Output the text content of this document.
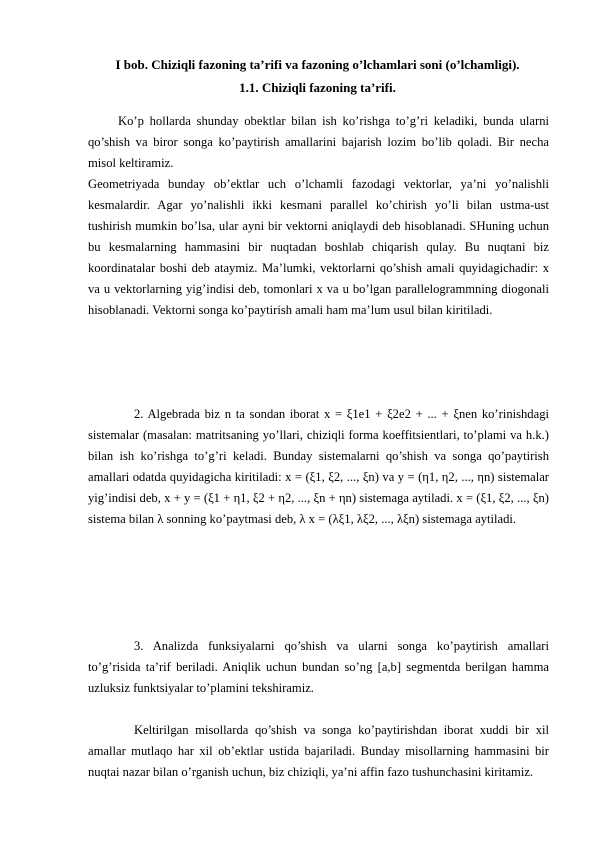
I bob. Chiziqli fazoning ta’rifi va fazoning o’lchamlari soni (o’lchamligi).
1.1. Chiziqli fazoning ta’rifi.
Ko’p hollarda shunday obektlar bilan ish ko’rishga to’g’ri keladiki, bunda ularni qo’shish va biror songa ko’paytirish amallarini bajarish lozim bo’lib qoladi. Bir necha misol keltiramiz.
Geometriyada bunday ob’ektlar uch o’lchamli fazodagi vektorlar, ya’ni yo’nalishli kesmalardir. Agar yo’nalishli ikki kesmani parallel ko’chirish yo’li bilan ustma-ust tushirish mumkin bo’lsa, ular ayni bir vektorni aniqlaydi deb hisoblanadi. SHuning uchun bu kesmalarning hammasini bir nuqtadan boshlab chiqarish qulay. Bu nuqtani biz koordinatalar boshi deb ataymiz. Ma’lumki, vektorlarni qo’shish amali quyidagichadir: x va u vektorlarning yig’indisi deb, tomonlari x va u bo’lgan parallelogrammning diogonali hisoblanadi. Vektorni songa ko’paytirish amali ham ma’lum usul bilan kiritiladi.
2. Algebrada biz n ta sondan iborat x = ξ1e1 + ξ2e2 + ... + ξnen ko’rinishdagi sistemalar (masalan: matritsaning yo’llari, chiziqli forma koeffitsientlari, to’plami va h.k.) bilan ish ko’rishga to’g’ri keladi. Bunday sistemalarni qo’shish va songa qo’paytirish amallari odatda quyidagicha kiritiladi: x = (ξ1, ξ2, ..., ξn) va y = (η1, η2, ..., ηn) sistemalar yig’indisi deb, x + y = (ξ1 + η1, ξ2 + η2, ..., ξn + ηn) sistemaga aytiladi. x = (ξ1, ξ2, ..., ξn) sistema bilan λ sonning ko’paytmasi deb, λ x = (λξ1, λξ2, ..., λξn) sistemaga aytiladi.
3. Analizda funksiyalarni qo’shish va ularni songa ko’paytirish amallari to’g’risida ta’rif beriladi. Aniqlik uchun bundan so’ng [a,b] segmentda berilgan hamma uzluksiz funktsiyalar to’plamini tekshiramiz.
Keltirilgan misollarda qo’shish va songa ko’paytirishdan iborat xuddi bir xil amallar mutlaqo har xil ob’ektlar ustida bajariladi. Bunday misollarning hammasini bir nuqtai nazar bilan o’rganish uchun, biz chiziqli, ya’ni affin fazo tushunchasini kiritamiz.
